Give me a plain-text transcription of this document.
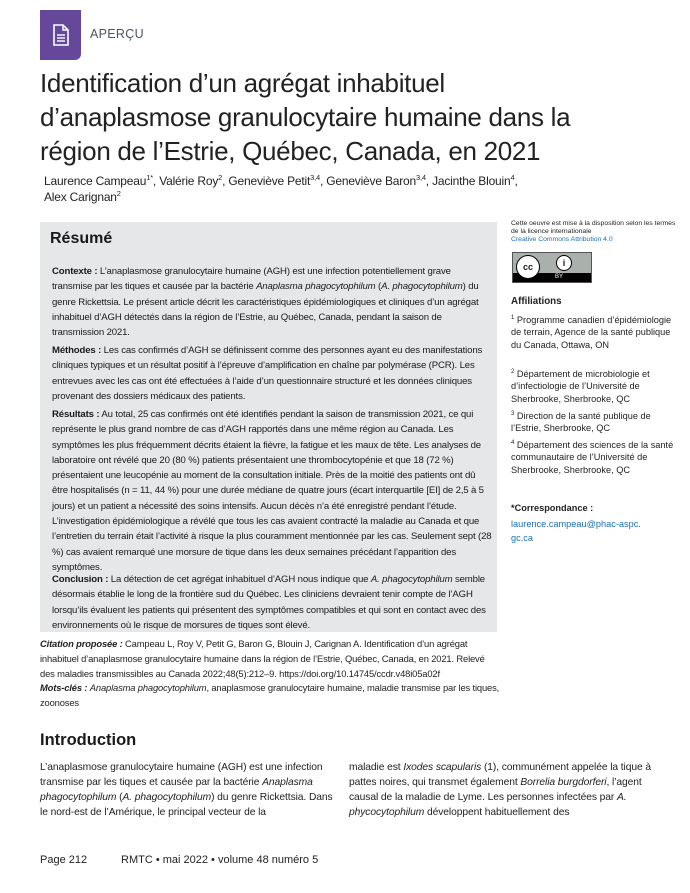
APERÇU
Identification d’un agrégat inhabituel
d’anaplasmose granulocytaire humaine dans la
région de l’Estrie, Québec, Canada, en 2021
Laurence Campeau$^{1*}$, Valérie Roy$^2$, Geneviève Petit$^{3,4}$, Geneviève Baron$^{3,4}$, Jacinthe Blouin$^4$,
Alex Carignan$^2$
Résumé
Contexte : L’anaplasmose granulocytaire humaine (AGH) est une infection potentiellement grave transmise par les tiques et causée par la bactérie Anaplasma phagocytophilum (A. phagocytophilum) du genre Rickettsia. Le présent article décrit les caractéristiques épidémiologiques et cliniques d’un agrégat inhabituel d’AGH détectés dans la région de l’Estrie, au Québec, Canada, pendant la saison de transmission 2021.
Méthodes : Les cas confirmés d’AGH se définissent comme des personnes ayant eu des manifestations cliniques typiques et un résultat positif à l’épreuve d’amplification en chaîne par polymérase (PCR). Les entrevues avec les cas ont été effectuées à l’aide d’un questionnaire structuré et les données cliniques provenant des dossiers médicaux des patients.
Résultats : Au total, 25 cas confirmés ont été identifiés pendant la saison de transmission 2021, ce qui représente le plus grand nombre de cas d’AGH rapportés dans une même région au Canada. Les symptômes les plus fréquemment décrits étaient la fièvre, la fatigue et les maux de tête. Les analyses de laboratoire ont révélé que 20 (80 %) patients présentaient une thrombocytopénie et que 18 (72 %) présentaient une leucopénie au moment de la consultation initiale. Près de la moitié des patients ont dû être hospitalisés (n = 11, 44 %) pour une durée médiane de quatre jours (écart interquartile [EI] de 2,5 à 5 jours) et un patient a nécessité des soins intensifs. Aucun décès n’a été enregistré pendant l’étude. L’investigation épidémiologique a révélé que tous les cas avaient contracté la maladie au Canada et que l’entretien du terrain était l’activité à risque la plus couramment mentionnée par les cas. Seulement sept (28 %) cas avaient remarqué une morsure de tique dans les deux semaines précédant l’apparition des symptômes.
Conclusion : La détection de cet agrégat inhabituel d’AGH nous indique que A. phagocytophilum semble désormais établie le long de la frontière sud du Québec. Les cliniciens devraient tenir compte de l’AGH lorsqu’ils évaluent les patients qui présentent des symptômes compatibles et qui sont en contact avec des environnements où le risque de morsures de tiques sont élevé.
Cette oeuvre est mise à la disposition selon les termes de la licence internationale
Creative Commons Attribution 4.0
cc	i
BY
Affiliations
$^1$ Programme canadien d’épidémiologie de terrain, Agence de la santé publique du Canada, Ottawa, ON
$^2$ Département de microbiologie et d’infectiologie de l’Université de Sherbrooke, Sherbrooke, QC
$^3$ Direction de la santé publique de l’Estrie, Sherbrooke, QC
$^4$ Département des sciences de la santé communautaire de l’Université de Sherbrooke, Sherbrooke, QC
*Correspondance :
laurence.campeau@phac-aspc.
gc.ca
Citation proposée : Campeau L, Roy V, Petit G, Baron G, Blouin J, Carignan A. Identification d’un agrégat inhabituel d’anaplasmose granulocytaire humaine dans la région de l’Estrie, Québec, Canada, en 2021. Relevé des maladies transmissibles au Canada 2022;48(5):212–9. https://doi.org/10.14745/ccdr.v48i05a02f
Mots-clés : Anaplasma phagocytophilum, anaplasmose granulocytaire humaine, maladie transmise par les tiques, zoonoses
Introduction
L’anaplasmose granulocytaire humaine (AGH) est une infection transmise par les tiques et causée par la bactérie Anaplasma phagocytophilum (A. phagocytophilum) du genre Rickettsia. Dans le nord-est de l’Amérique, le principal vecteur de la
maladie est Ixodes scapularis (1), communément appelée la tique à pattes noires, qui transmet également Borrelia burgdorferi, l’agent causal de la maladie de Lyme. Les personnes infectées par A. phycocytophilum développent habituellement des
Page 212	RMTC • mai 2022 • volume 48 numéro 5
